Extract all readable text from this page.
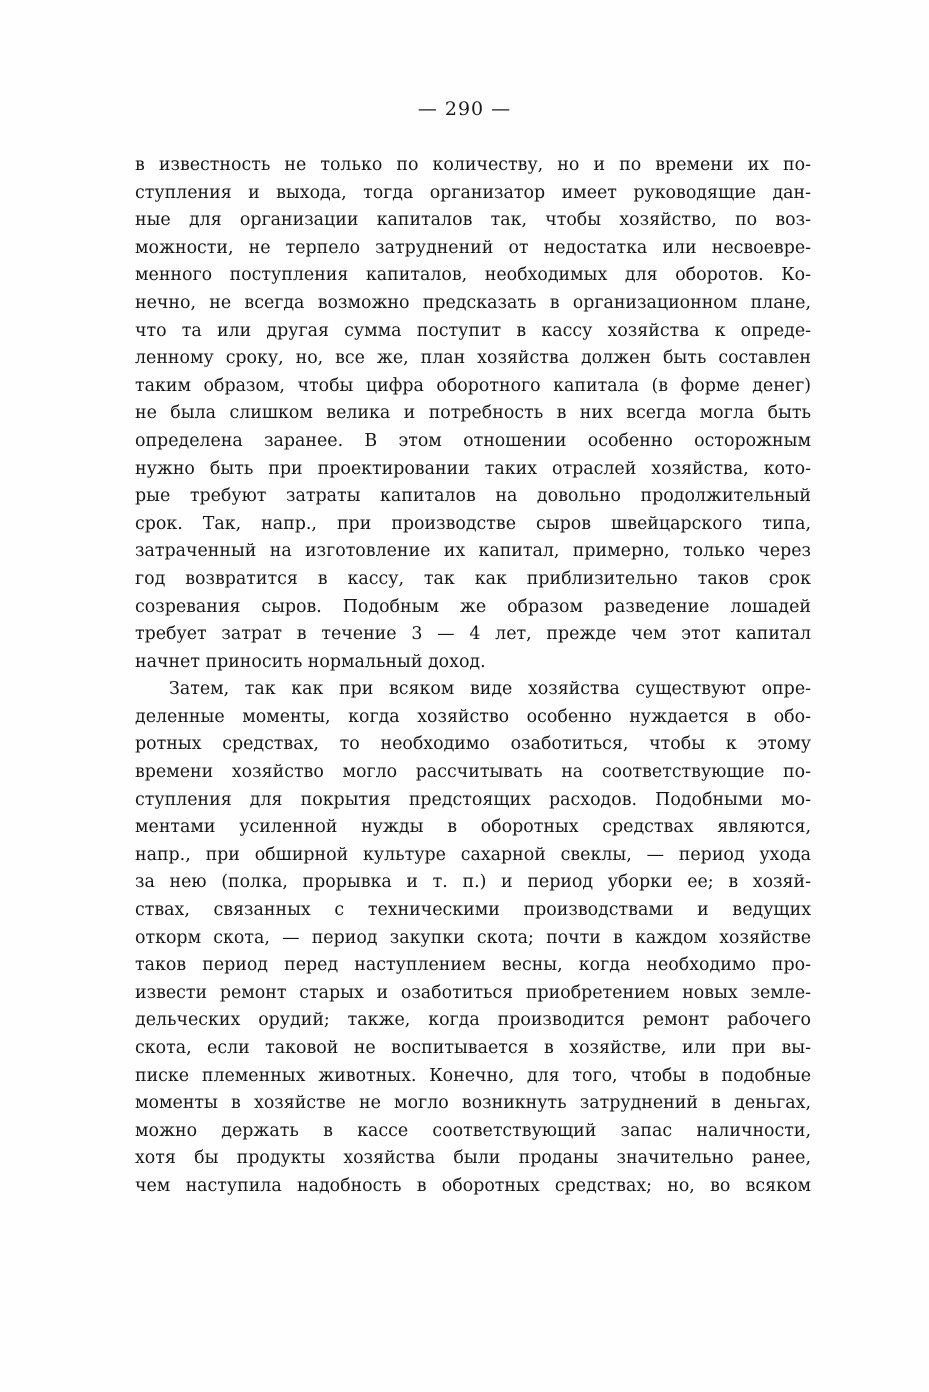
— 290 —
в известность не только по количеству, но и по времени их по-
ступления и выхода, тогда организатор имеет руководящие дан-
ные для организации капиталов так, чтобы хозяйство, по воз-
можности, не терпело затруднений от недостатка или несвоевре-
менного поступления капиталов, необходимых для оборотов. Ко-
нечно, не всегда возможно предсказать в организационном плане,
что та или другая сумма поступит в кассу хозяйства к опреде-
ленному сроку, но, все же, план хозяйства должен быть составлен
таким образом, чтобы цифра оборотного капитала (в форме денег)
не была слишком велика и потребность в них всегда могла быть
определена заранее. В этом отношении особенно осторожным
нужно быть при проектировании таких отраслей хозяйства, кото-
рые требуют затраты капиталов на довольно продолжительный
срок. Так, напр., при производстве сыров швейцарского типа,
затраченный на изготовление их капитал, примерно, только через
год возвратится в кассу, так как приблизительно таков срок
созревания сыров. Подобным же образом разведение лошадей
требует затрат в течение 3 — 4 лет, прежде чем этот капитал
начнет приносить нормальный доход.
Затем, так как при всяком виде хозяйства существуют опре-
деленные моменты, когда хозяйство особенно нуждается в обо-
ротных средствах, то необходимо озаботиться, чтобы к этому
времени хозяйство могло рассчитывать на соответствующие по-
ступления для покрытия предстоящих расходов. Подобными мо-
ментами усиленной нужды в оборотных средствах являются,
напр., при обширной культуре сахарной свеклы, — период ухода
за нею (полка, прорывка и т. п.) и период уборки ее; в хозяй-
ствах, связанных с техническими производствами и ведущих
откорм скота, — период закупки скота; почти в каждом хозяйстве
таков период перед наступлением весны, когда необходимо про-
извести ремонт старых и озаботиться приобретением новых земле-
дельческих орудий; также, когда производится ремонт рабочего
скота, если таковой не воспитывается в хозяйстве, или при вы-
писке племенных животных. Конечно, для того, чтобы в подобные
моменты в хозяйстве не могло возникнуть затруднений в деньгах,
можно держать в кассе соответствующий запас наличности,
хотя бы продукты хозяйства были проданы значительно ранее,
чем наступила надобность в оборотных средствах; но, во всяком
